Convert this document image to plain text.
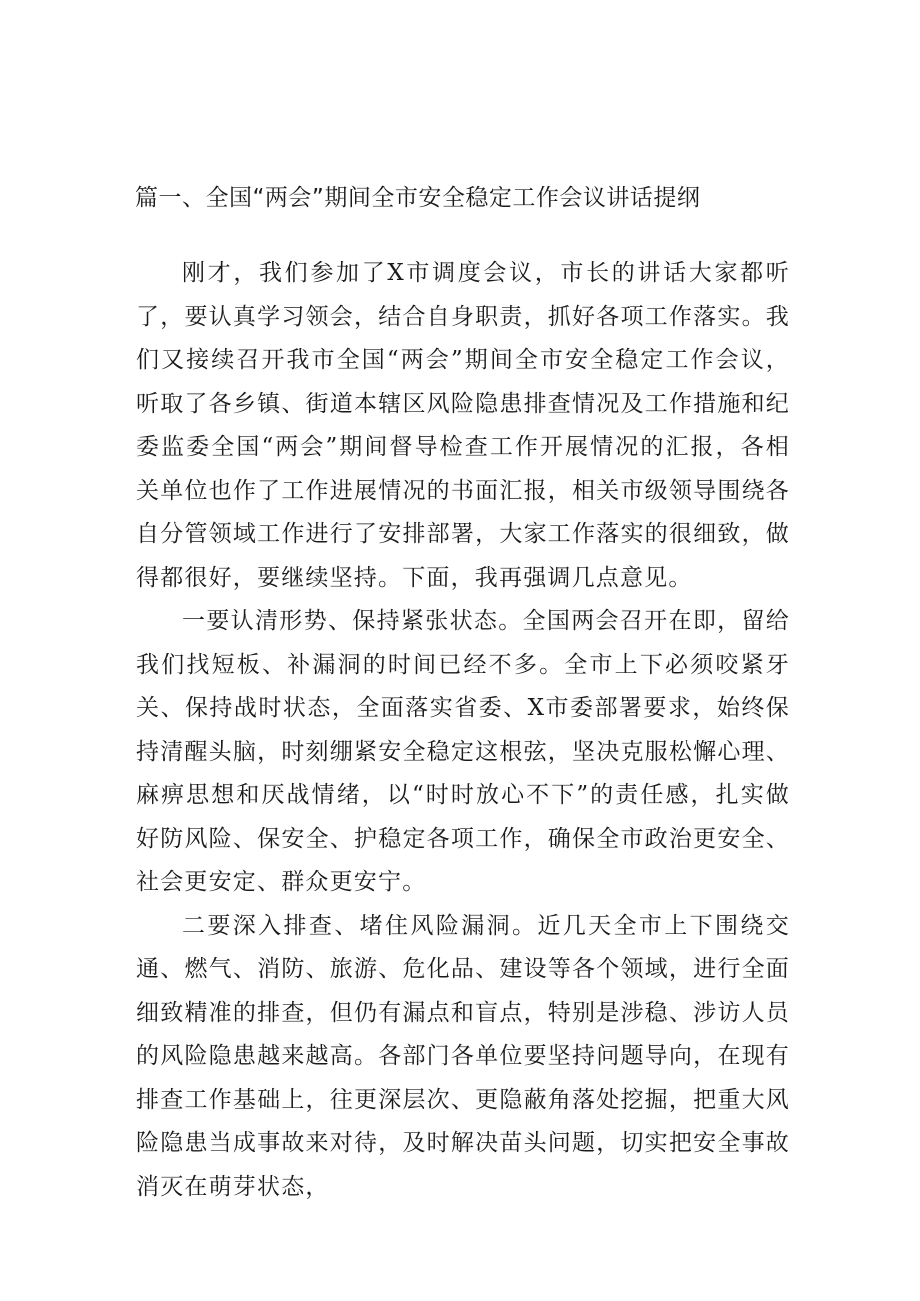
篇一、全国“两会”期间全市安全稳定工作会议讲话提纲

刚才，我们参加了X市调度会议，市长的讲话大家都听了，要认真学习领会，结合自身职责，抓好各项工作落实。我们又接续召开我市全国“两会”期间全市安全稳定工作会议，听取了各乡镇、街道本辖区风险隐患排查情况及工作措施和纪委监委全国“两会”期间督导检查工作开展情况的汇报，各相关单位也作了工作进展情况的书面汇报，相关市级领导围绕各自分管领域工作进行了安排部署，大家工作落实的很细致，做得都很好，要继续坚持。下面，我再强调几点意见。

一要认清形势、保持紧张状态。全国两会召开在即，留给我们找短板、补漏洞的时间已经不多。全市上下必须咬紧牙关、保持战时状态，全面落实省委、X市委部署要求，始终保持清醒头脑，时刻绷紧安全稳定这根弦，坚决克服松懈心理、麻痹思想和厌战情绪，以“时时放心不下”的责任感，扎实做好防风险、保安全、护稳定各项工作，确保全市政治更安全、社会更安定、群众更安宁。

二要深入排查、堵住风险漏洞。近几天全市上下围绕交通、燃气、消防、旅游、危化品、建设等各个领域，进行全面细致精准的排查，但仍有漏点和盲点，特别是涉稳、涉访人员的风险隐患越来越高。各部门各单位要坚持问题导向，在现有排查工作基础上，往更深层次、更隐蔽角落处挖掘，把重大风险隐患当成事故来对待，及时解决苗头问题，切实把安全事故消灭在萌芽状态，
